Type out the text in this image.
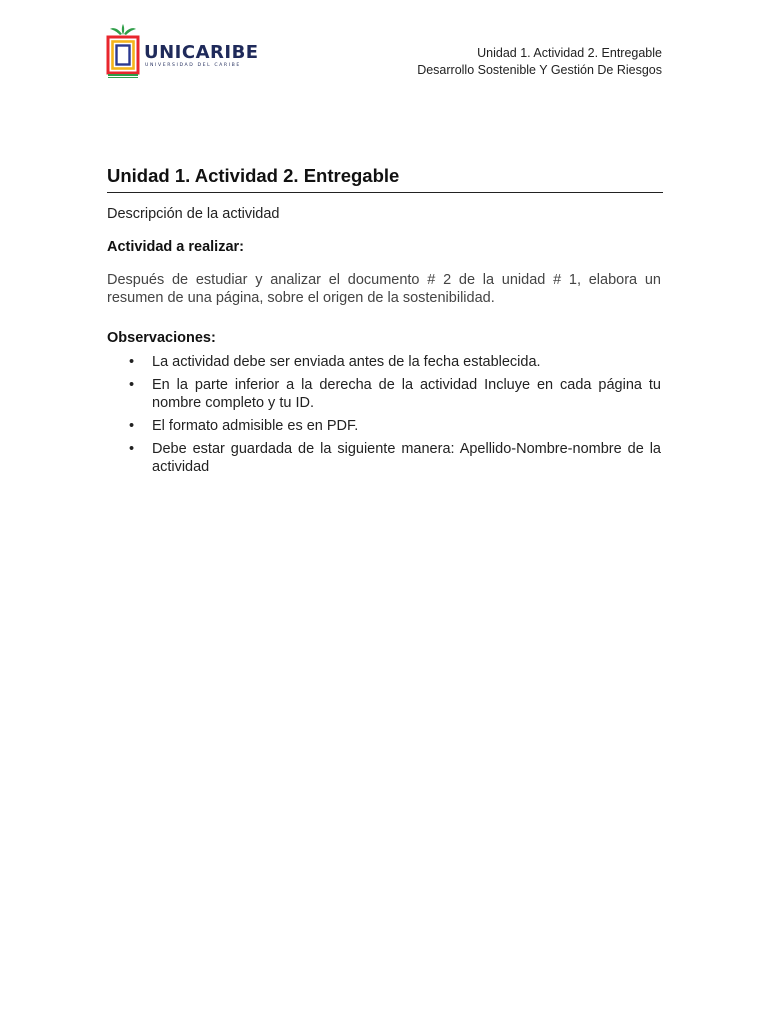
UNICARIBE
UNIVERSIDAD DEL CARIBE
Unidad 1. Actividad 2. Entregable
Desarrollo Sostenible Y Gestión De Riesgos
Unidad 1. Actividad 2. Entregable

Descripción de la actividad

Actividad a realizar:

Después de estudiar y analizar el documento # 2 de la unidad # 1, elabora un resumen de una página, sobre el origen de la sostenibilidad.

Observaciones:

• La actividad debe ser enviada antes de la fecha establecida.
• En la parte inferior a la derecha de la actividad Incluye en cada página tu nombre completo y tu ID.
• El formato admisible es en PDF.
• Debe estar guardada de la siguiente manera: Apellido-Nombre-nombre de la actividad
